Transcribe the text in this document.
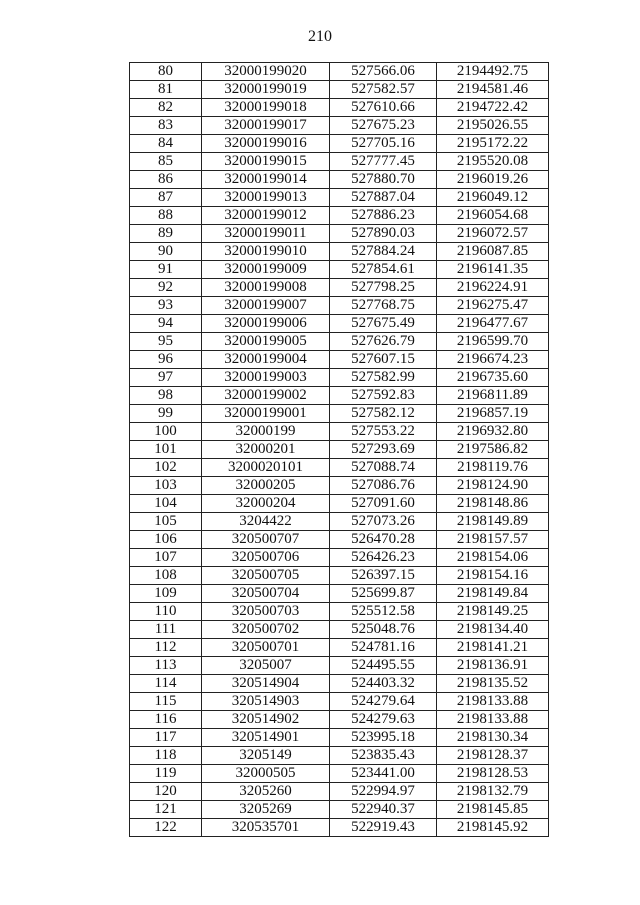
210
80	32000199020	527566.06	2194492.75
81	32000199019	527582.57	2194581.46
82	32000199018	527610.66	2194722.42
83	32000199017	527675.23	2195026.55
84	32000199016	527705.16	2195172.22
85	32000199015	527777.45	2195520.08
86	32000199014	527880.70	2196019.26
87	32000199013	527887.04	2196049.12
88	32000199012	527886.23	2196054.68
89	32000199011	527890.03	2196072.57
90	32000199010	527884.24	2196087.85
91	32000199009	527854.61	2196141.35
92	32000199008	527798.25	2196224.91
93	32000199007	527768.75	2196275.47
94	32000199006	527675.49	2196477.67
95	32000199005	527626.79	2196599.70
96	32000199004	527607.15	2196674.23
97	32000199003	527582.99	2196735.60
98	32000199002	527592.83	2196811.89
99	32000199001	527582.12	2196857.19
100	32000199	527553.22	2196932.80
101	32000201	527293.69	2197586.82
102	3200020101	527088.74	2198119.76
103	32000205	527086.76	2198124.90
104	32000204	527091.60	2198148.86
105	3204422	527073.26	2198149.89
106	320500707	526470.28	2198157.57
107	320500706	526426.23	2198154.06
108	320500705	526397.15	2198154.16
109	320500704	525699.87	2198149.84
110	320500703	525512.58	2198149.25
111	320500702	525048.76	2198134.40
112	320500701	524781.16	2198141.21
113	3205007	524495.55	2198136.91
114	320514904	524403.32	2198135.52
115	320514903	524279.64	2198133.88
116	320514902	524279.63	2198133.88
117	320514901	523995.18	2198130.34
118	3205149	523835.43	2198128.37
119	32000505	523441.00	2198128.53
120	3205260	522994.97	2198132.79
121	3205269	522940.37	2198145.85
122	320535701	522919.43	2198145.92
